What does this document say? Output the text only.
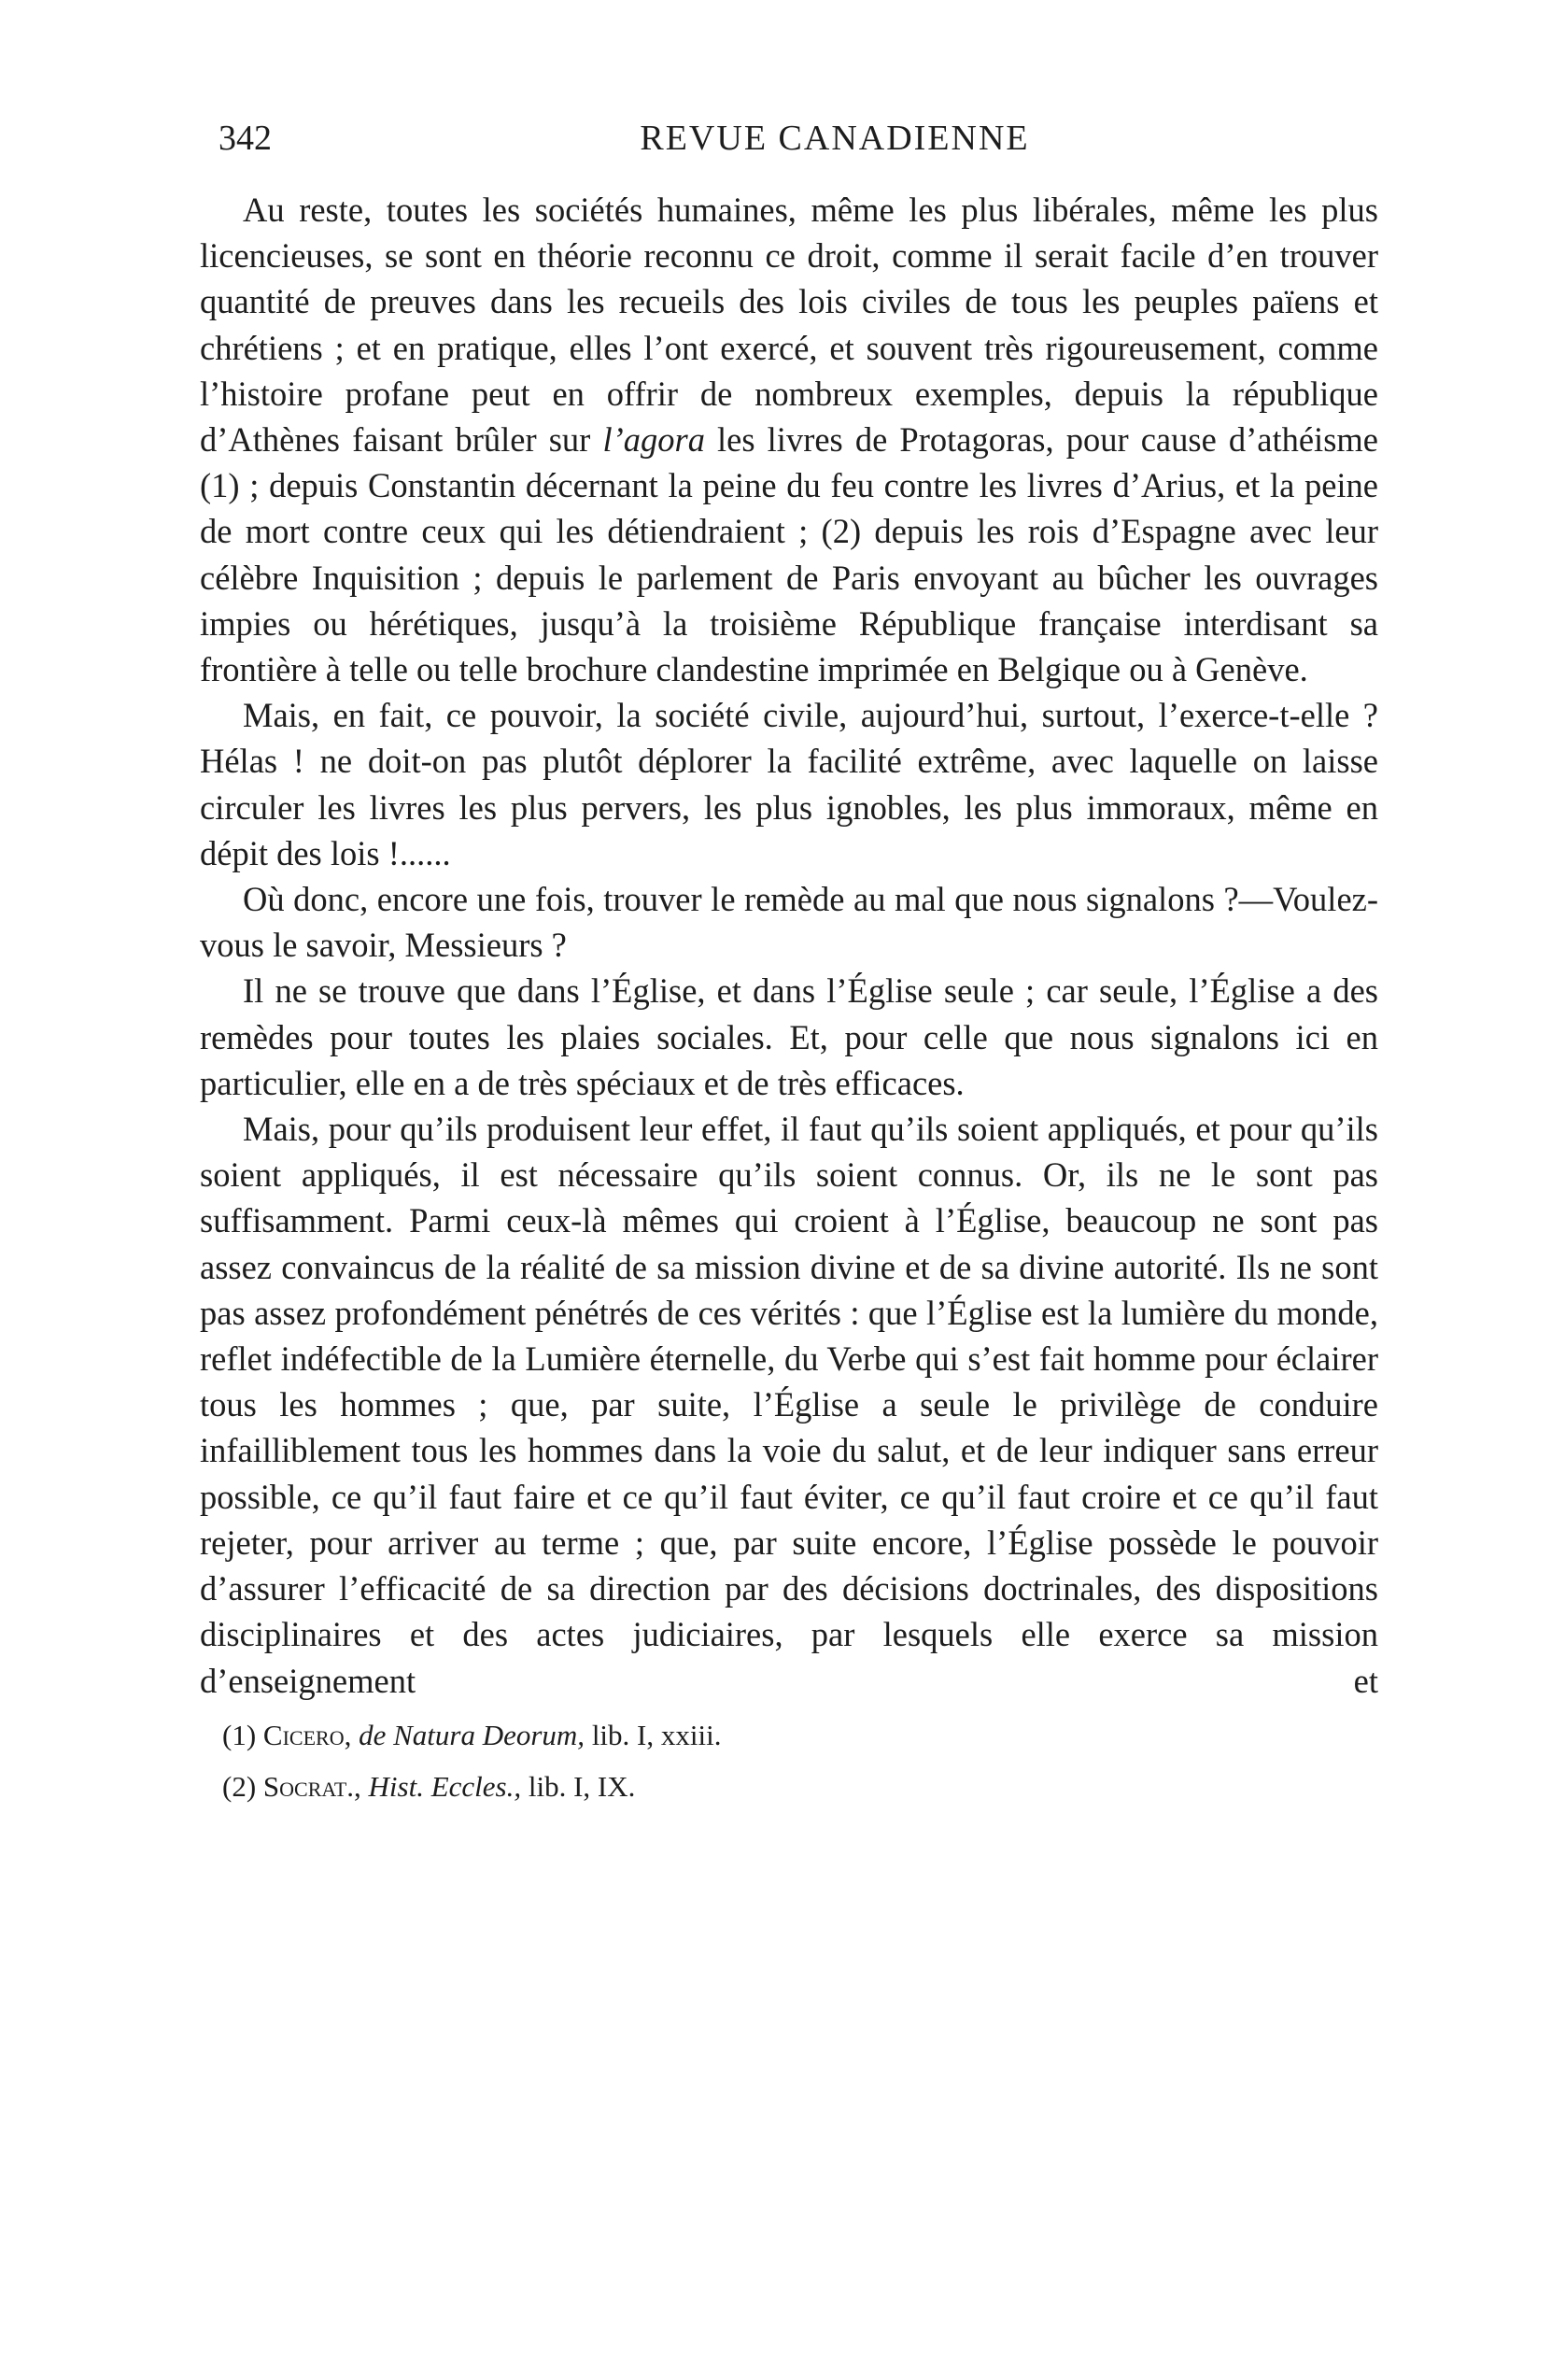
342	REVUE CANADIENNE

Au reste, toutes les sociétés humaines, même les plus libérales, même les plus licencieuses, se sont en théorie reconnu ce droit, comme il serait facile d’en trouver quantité de preuves dans les recueils des lois civiles de tous les peuples païens et chrétiens ; et en pratique, elles l’ont exercé, et souvent très rigoureusement, comme l’histoire profane peut en offrir de nombreux exemples, depuis la république d’Athènes faisant brûler sur l’agora les livres de Protagoras, pour cause d’athéisme (1) ; depuis Constantin décernant la peine du feu contre les livres d’Arius, et la peine de mort contre ceux qui les détiendraient ; (2) depuis les rois d’Espagne avec leur célèbre Inquisition ; depuis le parlement de Paris envoyant au bûcher les ouvrages impies ou hérétiques, jusqu’à la troisième République française interdisant sa frontière à telle ou telle brochure clandestine imprimée en Belgique ou à Genève.

Mais, en fait, ce pouvoir, la société civile, aujourd’hui, surtout, l’exerce-t-elle ? Hélas ! ne doit-on pas plutôt déplorer la facilité extrême, avec laquelle on laisse circuler les livres les plus pervers, les plus ignobles, les plus immoraux, même en dépit des lois !......

Où donc, encore une fois, trouver le remède au mal que nous signalons ?—Voulez-vous le savoir, Messieurs ?

Il ne se trouve que dans l’Église, et dans l’Église seule ; car seule, l’Église a des remèdes pour toutes les plaies sociales. Et, pour celle que nous signalons ici en particulier, elle en a de très spéciaux et de très efficaces.

Mais, pour qu’ils produisent leur effet, il faut qu’ils soient appliqués, et pour qu’ils soient appliqués, il est nécessaire qu’ils soient connus. Or, ils ne le sont pas suffisamment. Parmi ceux-là mêmes qui croient à l’Église, beaucoup ne sont pas assez convaincus de la réalité de sa mission divine et de sa divine autorité. Ils ne sont pas assez profondément pénétrés de ces vérités : que l’Église est la lumière du monde, reflet indéfectible de la Lumière éternelle, du Verbe qui s’est fait homme pour éclairer tous les hommes ; que, par suite, l’Église a seule le privilège de conduire infailliblement tous les hommes dans la voie du salut, et de leur indiquer sans erreur possible, ce qu’il faut faire et ce qu’il faut éviter, ce qu’il faut croire et ce qu’il faut rejeter, pour arriver au terme ; que, par suite encore, l’Église possède le pouvoir d’assurer l’efficacité de sa direction par des décisions doctrinales, des dispositions disciplinaires et des actes judiciaires, par lesquels elle exerce sa mission d’enseignement et

(1) Cicero, de Natura Deorum, lib. I, xxiii.

(2) Socrat., Hist. Eccles., lib. I, IX.
